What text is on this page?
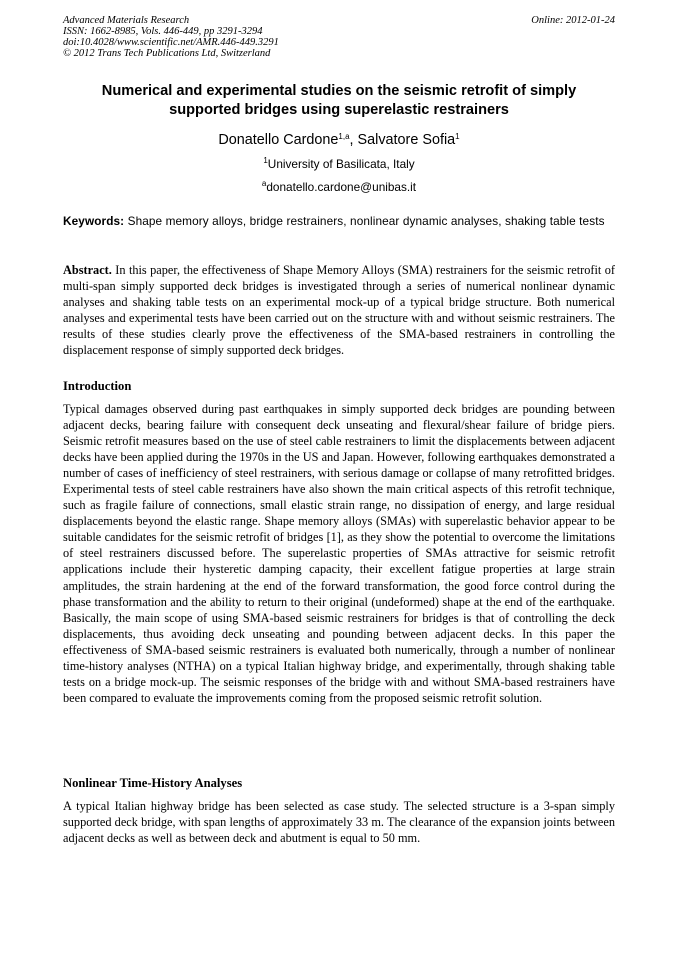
Advanced Materials Research
ISSN: 1662-8985, Vols. 446-449, pp 3291-3294
doi:10.4028/www.scientific.net/AMR.446-449.3291
© 2012 Trans Tech Publications Ltd, Switzerland
Online: 2012-01-24
Numerical and experimental studies on the seismic retrofit of simply
supported bridges using superelastic restrainers
Donatello Cardone$^{1,a}$, Salvatore Sofia$^1$
$^1$University of Basilicata, Italy
$^a$donatello.cardone@unibas.it
Keywords: Shape memory alloys, bridge restrainers, nonlinear dynamic analyses, shaking table tests
Abstract. In this paper, the effectiveness of Shape Memory Alloys (SMA) restrainers for the seismic retrofit of multi-span simply supported deck bridges is investigated through a series of numerical nonlinear dynamic analyses and shaking table tests on an experimental mock-up of a typical bridge structure. Both numerical analyses and experimental tests have been carried out on the structure with and without seismic restrainers. The results of these studies clearly prove the effectiveness of the SMA-based restrainers in controlling the displacement response of simply supported deck bridges.
Introduction
Typical damages observed during past earthquakes in simply supported deck bridges are pounding between adjacent decks, bearing failure with consequent deck unseating and flexural/shear failure of bridge piers. Seismic retrofit measures based on the use of steel cable restrainers to limit the displacements between adjacent decks have been applied during the 1970s in the US and Japan. However, following earthquakes demonstrated a number of cases of inefficiency of steel restrainers, with serious damage or collapse of many retrofitted bridges. Experimental tests of steel cable restrainers have also shown the main critical aspects of this retrofit technique, such as fragile failure of connections, small elastic strain range, no dissipation of energy, and large residual displacements beyond the elastic range. Shape memory alloys (SMAs) with superelastic behavior appear to be suitable candidates for the seismic retrofit of bridges [1], as they show the potential to overcome the limitations of steel restrainers discussed before. The superelastic properties of SMAs attractive for seismic retrofit applications include their hysteretic damping capacity, their excellent fatigue properties at large strain amplitudes, the strain hardening at the end of the forward transformation, the good force control during the phase transformation and the ability to return to their original (undeformed) shape at the end of the earthquake. Basically, the main scope of using SMA-based seismic restrainers for bridges is that of controlling the deck displacements, thus avoiding deck unseating and pounding between adjacent decks. In this paper the effectiveness of SMA-based seismic restrainers is evaluated both numerically, through a number of nonlinear time-history analyses (NTHA) on a typical Italian highway bridge, and experimentally, through shaking table tests on a bridge mock-up. The seismic responses of the bridge with and without SMA-based restrainers have been compared to evaluate the improvements coming from the proposed seismic retrofit solution.
Nonlinear Time-History Analyses
A typical Italian highway bridge has been selected as case study. The selected structure is a 3-span simply supported deck bridge, with span lengths of approximately 33 m. The clearance of the expansion joints between adjacent decks as well as between deck and abutment is equal to 50 mm.
